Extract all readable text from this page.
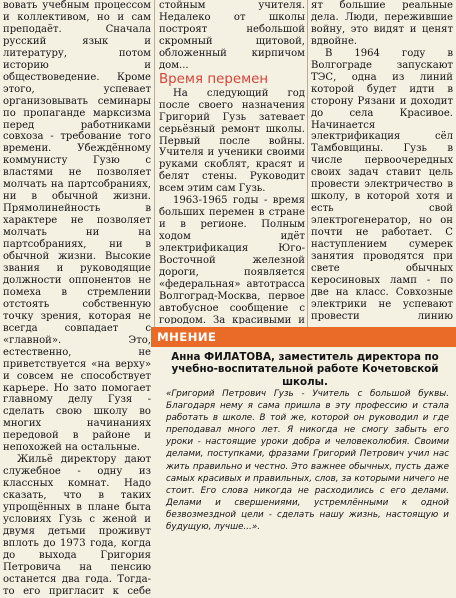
вовать учебным процессом и коллективом, но и сам преподаёт. Сначала русский язык и литературу, потом историю и обществоведение. Кроме этого, успевает организовывать семинары по пропаганде марксизма перед работниками совхоза - требование того времени. Убеждённому коммунисту Гузю с властями не позволяет молчать на партсобраниях, ни в обычной жизни. Прямолинейность в характере не позволяет молчать ни на партсобраниях, ни в обычной жизни. Высокие звания и руководящие должности оппонентов не помеха в стремлении отстоять собственную точку зрения, которая не всегда совпадает с «главной». Это, естественно, не приветствуется «на верху» и совсем не способствует карьере. Но зато помогает главному делу Гузя - сделать свою школу во многих начинаниях передовой в районе и непохожей на остальные.

Жильё директору дают служебное - одну из классных комнат. Надо сказать, что в таких упрощённых в плане быта условиях Гузь с женой и двумя детьми проживут вплоть до 1973 года, когда до выхода Григория Петровича на пенсию останется два года. Тогда-то его пригласит к себе

стойным учителя. Недалеко от школы построят небольшой скромный щитовой, обложенный кирпичом дом...

Время перемен

На следующий год после своего назначения Григорий Гузь затевает серьёзный ремонт школы. Первый после войны. Учителя и ученики своими руками скоблят, красят и белят стены. Руководит всем этим сам Гузь.

1963-1965 годы - время больших перемен в стране и в регионе. Полным ходом идёт электрификация Юго-Восточной железной дороги, появляется «федеральная» автотрасса Волгоград-Москва, первое автобусное сообщение с городом. За красивыми и

ят большие реальные дела. Люди, пережившие войну, это видят и ценят вдвойне.

В 1964 году в Волгограде запускают ТЭС, одна из линий которой будет идти в сторону Рязани и доходит до села Красивое. Начинается электрификация сёл Тамбовщины. Гузь в числе первоочередных своих задач ставит цель провести электричество в школу, в которой хотя и есть свой электрогенератор, но он почти не работает. С наступлением сумерек занятия проводятся при свете обычных керосиновых ламп - по две на класс. Совхозные электрики не успевают провести линию

МНЕНИЕ
Анна ФИЛАТОВА, заместитель директора по учебно-воспитательной работе Кочетовской школы.

«Григорий Петрович Гузь - Учитель с большой буквы. Благодаря нему я сама пришла в эту профессию и стала работать в школе. В той же, которой он руководил и где преподавал много лет. Я никогда не смогу забыть его уроки - настоящие уроки добра и человеколюбия. Своими делами, поступками, фразами Григорий Петрович учил нас жить правильно и честно. Это важнее обычных, пусть даже самых красивых и правильных, слов, за которыми ничего не стоит. Его слова никогда не расходились с его делами. Делами и свершениями, устремлёнными к одной безвозмездной цели - сделать нашу жизнь, настоящую и будущую, лучше...».
